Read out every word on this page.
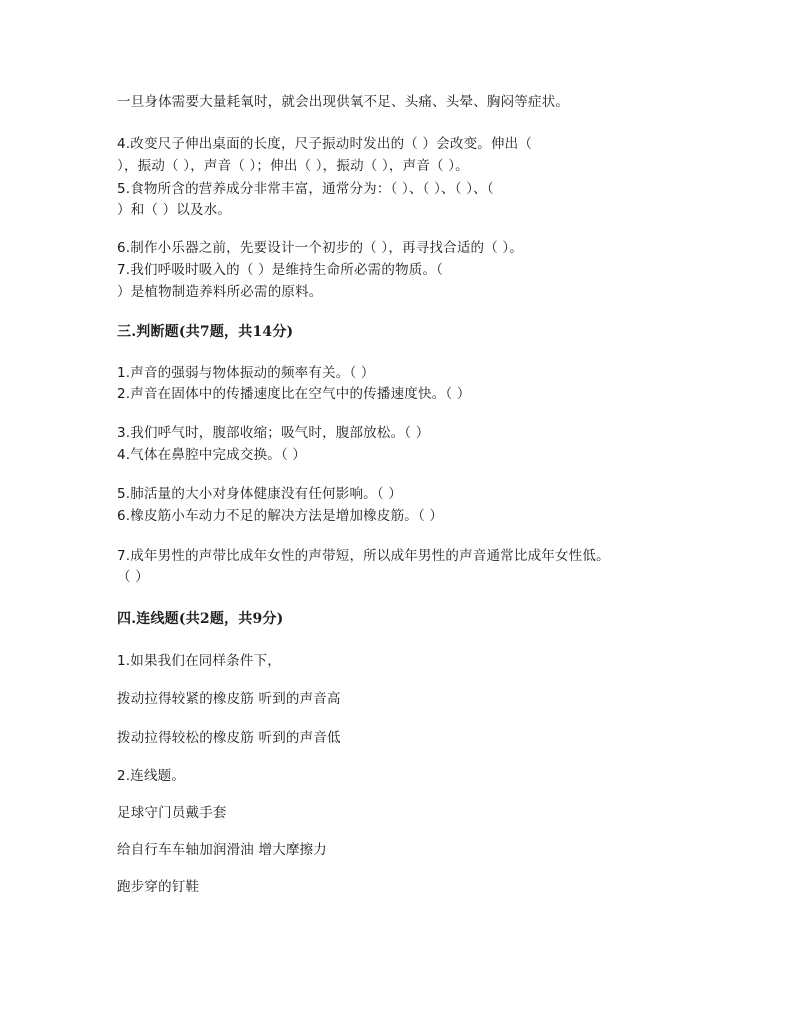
一旦身体需要大量耗氧时，就会出现供氧不足、头痛、头晕、胸闷等症状。
4.改变尺子伸出桌面的长度，尺子振动时发出的（ ）会改变。伸出（
），振动（ ），声音（ ）；伸出（ ），振动（ ），声音（ ）。
5.食物所含的营养成分非常丰富，通常分为：（ ）、（ ）、（ ）、（
）和（ ）以及水。
6.制作小乐器之前，先要设计一个初步的（ ），再寻找合适的（ ）。
7.我们呼吸时吸入的（ ）是维持生命所必需的物质。（
）是植物制造养料所必需的原料。
三.判断题(共7题，共14分)
1.声音的强弱与物体振动的频率有关。（ ）
2.声音在固体中的传播速度比在空气中的传播速度快。（ ）
3.我们呼气时，腹部收缩；吸气时，腹部放松。（ ）
4.气体在鼻腔中完成交换。（ ）
5.肺活量的大小对身体健康没有任何影响。（ ）
6.橡皮筋小车动力不足的解决方法是增加橡皮筋。（ ）
7.成年男性的声带比成年女性的声带短，所以成年男性的声音通常比成年女性低。
（ ）
四.连线题(共2题，共9分)
1.如果我们在同样条件下，
拨动拉得较紧的橡皮筋 听到的声音高
拨动拉得较松的橡皮筋 听到的声音低
2.连线题。
足球守门员戴手套
给自行车车轴加润滑油 增大摩擦力
跑步穿的钉鞋
